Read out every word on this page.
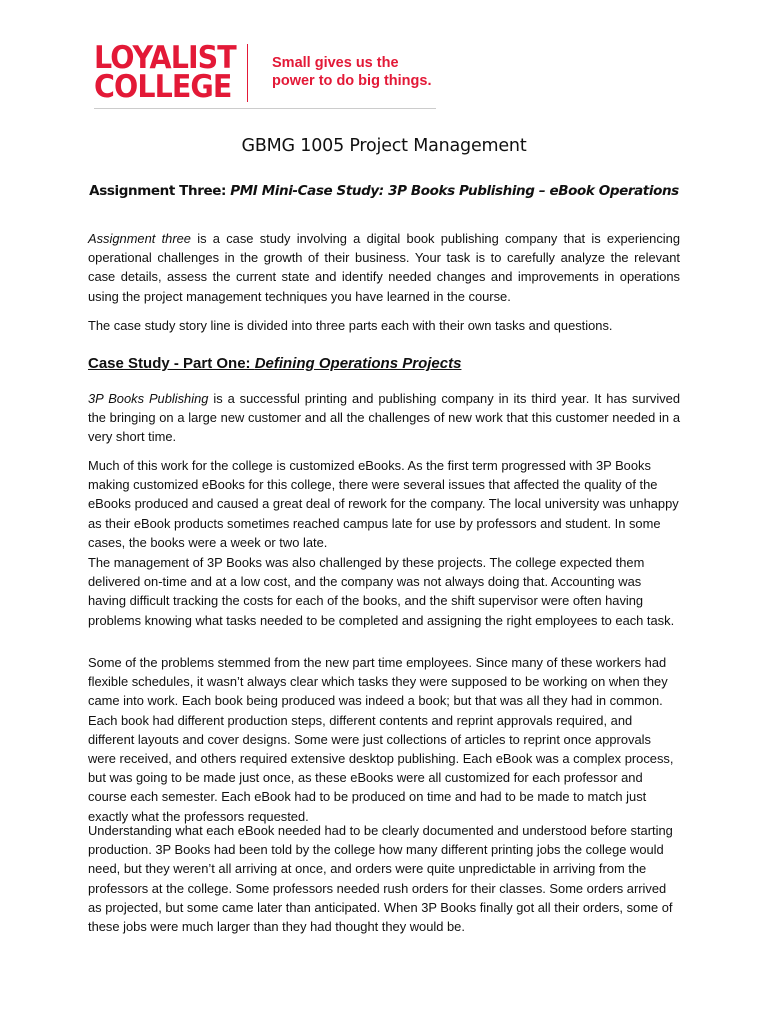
LOYALIST
COLLEGE
Small gives us the
power to do big things.
GBMG 1005 Project Management
Assignment Three: PMI Mini-Case Study: 3P Books Publishing – eBook Operations

Assignment three is a case study involving a digital book publishing company that is experiencing operational challenges in the growth of their business. Your task is to carefully analyze the relevant case details, assess the current state and identify needed changes and improvements in operations using the project management techniques you have learned in the course.

The case study story line is divided into three parts each with their own tasks and questions.

Case Study - Part One: Defining Operations Projects

3P Books Publishing is a successful printing and publishing company in its third year. It has survived the bringing on a large new customer and all the challenges of new work that this customer needed in a very short time.

Much of this work for the college is customized eBooks. As the first term progressed with 3P Books making customized eBooks for this college, there were several issues that affected the quality of the eBooks produced and caused a great deal of rework for the company. The local university was unhappy as their eBook products sometimes reached campus late for use by professors and student. In some cases, the books were a week or two late.

The management of 3P Books was also challenged by these projects. The college expected them delivered on-time and at a low cost, and the company was not always doing that. Accounting was having difficult tracking the costs for each of the books, and the shift supervisor were often having problems knowing what tasks needed to be completed and assigning the right employees to each task.

Some of the problems stemmed from the new part time employees. Since many of these workers had flexible schedules, it wasn’t always clear which tasks they were supposed to be working on when they came into work. Each book being produced was indeed a book; but that was all they had in common. Each book had different production steps, different contents and reprint approvals required, and different layouts and cover designs. Some were just collections of articles to reprint once approvals were received, and others required extensive desktop publishing. Each eBook was a complex process, but was going to be made just once, as these eBooks were all customized for each professor and course each semester. Each eBook had to be produced on time and had to be made to match just exactly what the professors requested.

Understanding what each eBook needed had to be clearly documented and understood before starting production. 3P Books had been told by the college how many different printing jobs the college would need, but they weren’t all arriving at once, and orders were quite unpredictable in arriving from the professors at the college. Some professors needed rush orders for their classes. Some orders arrived as projected, but some came later than anticipated. When 3P Books finally got all their orders, some of these jobs were much larger than they had thought they would be.
